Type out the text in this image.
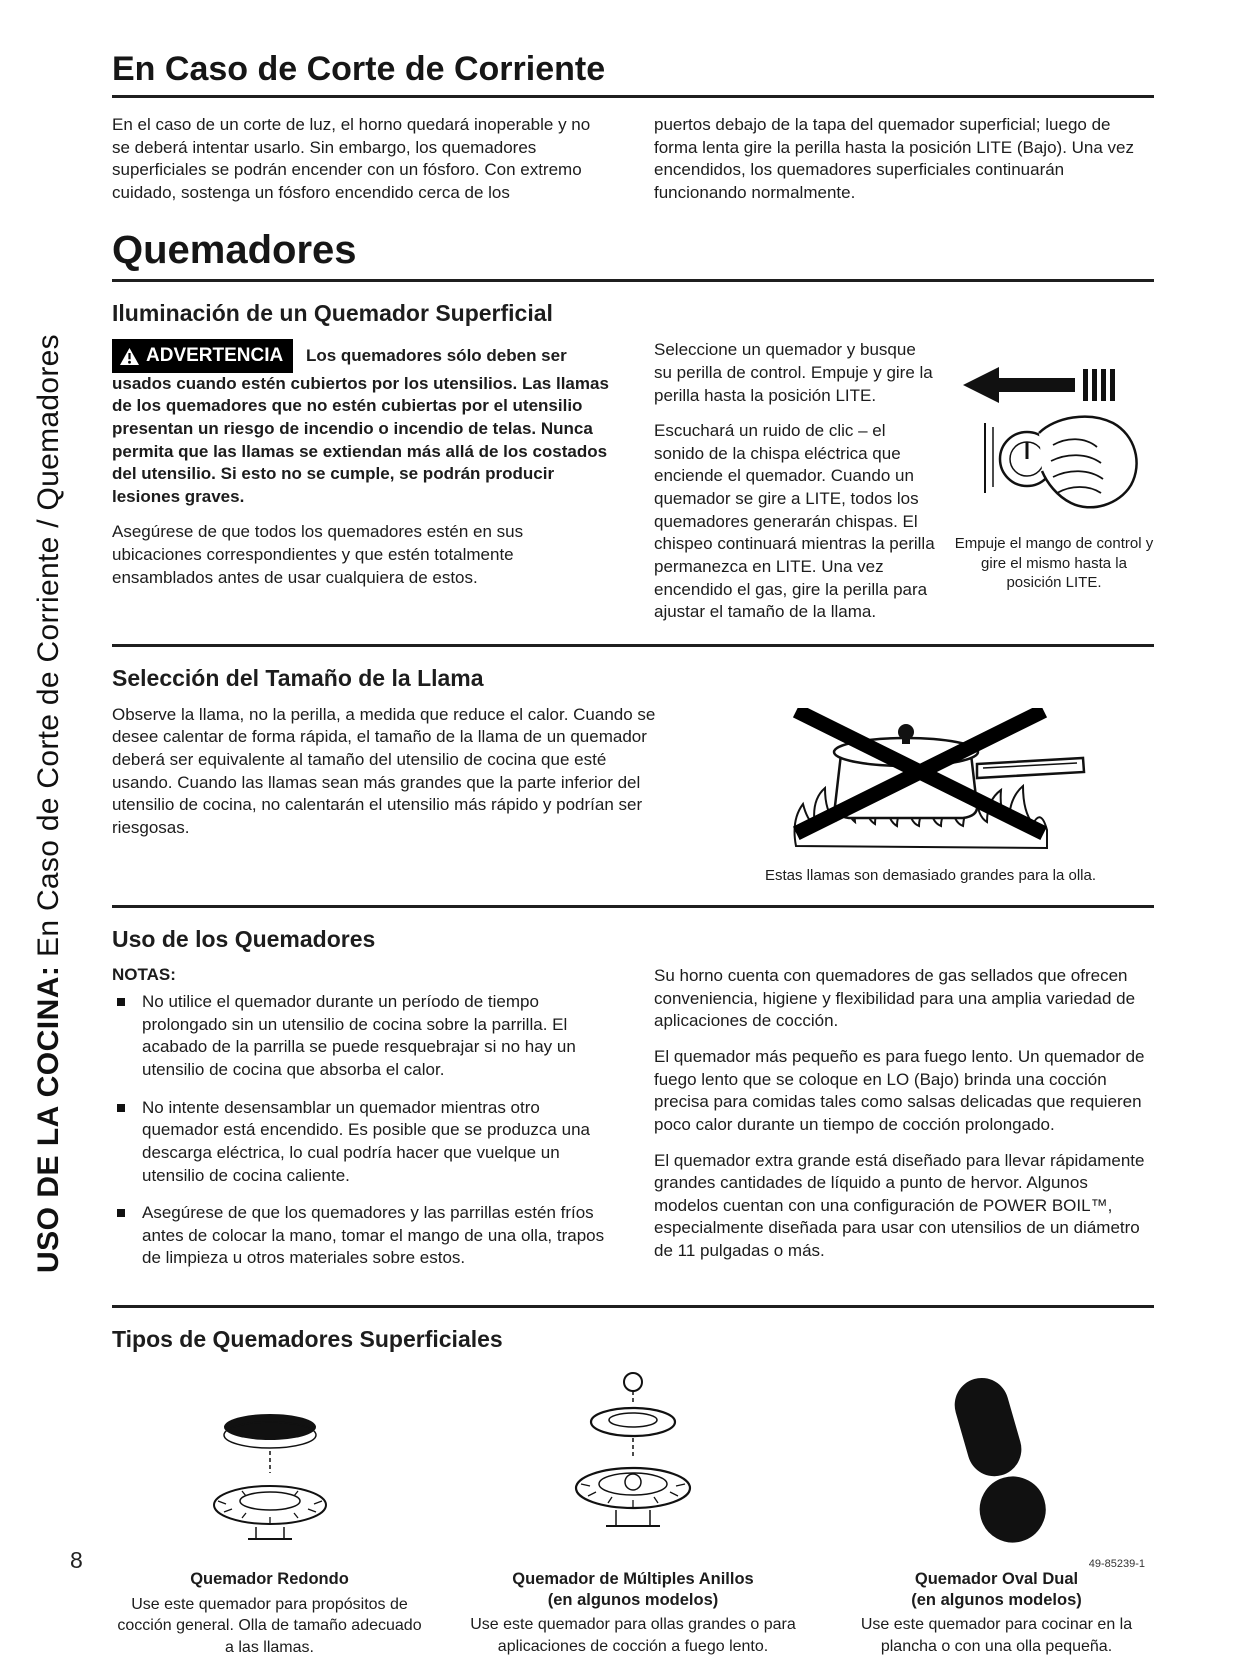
USO DE LA COCINA: En Caso de Corte de Corriente / Quemadores
En Caso de Corte de Corriente

En el caso de un corte de luz, el horno quedará inoperable y no se deberá intentar usarlo. Sin embargo, los quemadores superficiales se podrán encender con un fósforo. Con extremo cuidado, sostenga un fósforo encendido cerca de los

puertos debajo de la tapa del quemador superficial; luego de forma lenta gire la perilla hasta la posición LITE (Bajo). Una vez encendidos, los quemadores superficiales continuarán funcionando normalmente.

Quemadores
Iluminación de un Quemador Superficial

ADVERTENCIA Los quemadores sólo deben ser usados cuando estén cubiertos por los utensilios. Las llamas de los quemadores que no estén cubiertas por el utensilio presentan un riesgo de incendio o incendio de telas. Nunca permita que las llamas se extiendan más allá de los costados del utensilio. Si esto no se cumple, se podrán producir lesiones graves.

Asegúrese de que todos los quemadores estén en sus ubicaciones correspondientes y que estén totalmente ensamblados antes de usar cualquiera de estos.

Empuje el mango de control y gire el mismo hasta la posición LITE.

Seleccione un quemador y busque su perilla de control. Empuje y gire la perilla hasta la posición LITE.

Escuchará un ruido de clic – el sonido de la chispa eléctrica que enciende el quemador. Cuando un quemador se gire a LITE, todos los quemadores generarán chispas. El chispeo continuará mientras la perilla permanezca en LITE. Una vez encendido el gas, gire la perilla para ajustar el tamaño de la llama.

Selección del Tamaño de la Llama

Observe la llama, no la perilla, a medida que reduce el calor. Cuando se desee calentar de forma rápida, el tamaño de la llama de un quemador deberá ser equivalente al tamaño del utensilio de cocina que esté usando. Cuando las llamas sean más grandes que la parte inferior del utensilio de cocina, no calentarán el utensilio más rápido y podrían ser riesgosas.

Estas llamas son demasiado grandes para la olla.
Uso de los Quemadores
NOTAS:
No utilice el quemador durante un período de tiempo prolongado sin un utensilio de cocina sobre la parrilla. El acabado de la parrilla se puede resquebrajar si no hay un utensilio de cocina que absorba el calor.
No intente desensamblar un quemador mientras otro quemador está encendido. Es posible que se produzca una descarga eléctrica, lo cual podría hacer que vuelque un utensilio de cocina caliente.
Asegúrese de que los quemadores y las parrillas estén fríos antes de colocar la mano, tomar el mango de una olla, trapos de limpieza u otros materiales sobre estos.

Su horno cuenta con quemadores de gas sellados que ofrecen conveniencia, higiene y flexibilidad para una amplia variedad de aplicaciones de cocción.

El quemador más pequeño es para fuego lento. Un quemador de fuego lento que se coloque en LO (Bajo) brinda una cocción precisa para comidas tales como salsas delicadas que requieren poco calor durante un tiempo de cocción prolongado.

El quemador extra grande está diseñado para llevar rápidamente grandes cantidades de líquido a punto de hervor. Algunos modelos cuentan con una configuración de POWER BOIL™, especialmente diseñada para usar con utensilios de un diámetro de 11 pulgadas o más.

Tipos de Quemadores Superficiales
Quemador Redondo
Use este quemador para propósitos de cocción general. Olla de tamaño adecuado a las llamas.
Quemador de Múltiples Anillos
(en algunos modelos)
Use este quemador para ollas grandes o para aplicaciones de cocción a fuego lento.
Quemador Oval Dual
(en algunos modelos)
Use este quemador para cocinar en la plancha o con una olla pequeña.
8	49-85239-1
